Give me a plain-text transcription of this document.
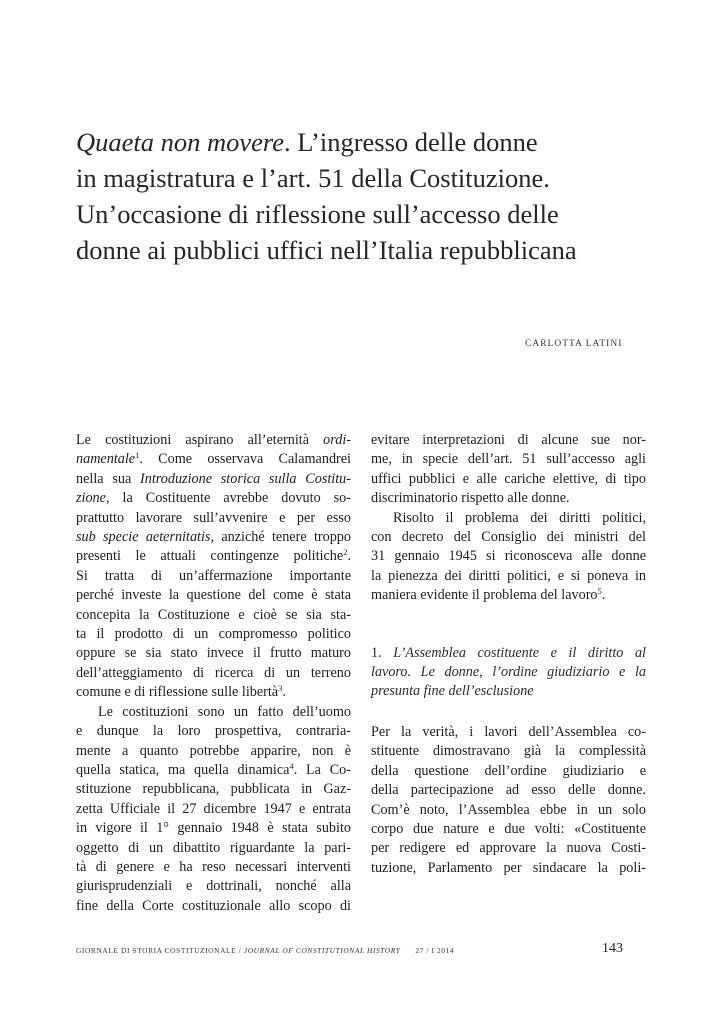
Quaeta non movere. L’ingresso delle donne
in magistratura e l’art. 51 della Costituzione.
Un’occasione di riflessione sull’accesso delle
donne ai pubblici uffici nell’Italia repubblicana
CARLOTTA LATINI
Le costituzioni aspirano all’eternità ordi-
namentale$^1$. Come osservava Calamandrei
nella sua Introduzione storica sulla Costitu-
zione, la Costituente avrebbe dovuto so-
prattutto lavorare sull’avvenire e per esso
sub specie aeternitatis, anziché tenere troppo
presenti le attuali contingenze politiche$^2$.
Si tratta di un’affermazione importante
perché investe la questione del come è stata
concepita la Costituzione e cioè se sia sta-
ta il prodotto di un compromesso politico
oppure se sia stato invece il frutto maturo
dell’atteggiamento di ricerca di un terreno
comune e di riflessione sulle libertà$^3$.
Le costituzioni sono un fatto dell’uomo
e dunque la loro prospettiva, contraria-
mente a quanto potrebbe apparire, non è
quella statica, ma quella dinamica$^4$. La Co-
stituzione repubblicana, pubblicata in Gaz-
zetta Ufficiale il 27 dicembre 1947 e entrata
in vigore il 1° gennaio 1948 è stata subito
oggetto di un dibattito riguardante la pari-
tà di genere e ha reso necessari interventi
giurisprudenziali e dottrinali, nonché alla
fine della Corte costituzionale allo scopo di
evitare interpretazioni di alcune sue nor-
me, in specie dell’art. 51 sull’accesso agli
uffici pubblici e alle cariche elettive, di tipo
discriminatorio rispetto alle donne.
Risolto il problema dei diritti politici,
con decreto del Consiglio dei ministri del
31 gennaio 1945 si riconosceva alle donne
la pienezza dei diritti politici, e si poneva in
maniera evidente il problema del lavoro$^5$.
1. L’Assemblea costituente e il diritto al
lavoro. Le donne, l’ordine giudiziario e la
presunta fine dell’esclusione
Per la verità, i lavori dell’Assemblea co-
stituente dimostravano già la complessità
della questione dell’ordine giudiziario e
della partecipazione ad esso delle donne.
Com’è noto, l’Assemblea ebbe in un solo
corpo due nature e due volti: «Costituente
per redigere ed approvare la nuova Costi-
tuzione, Parlamento per sindacare la poli-
GIORNALE DI STORIA COSTITUZIONALE / JOURNAL OF CONSTITUTIONAL HISTORY 27 / I 2014	143
